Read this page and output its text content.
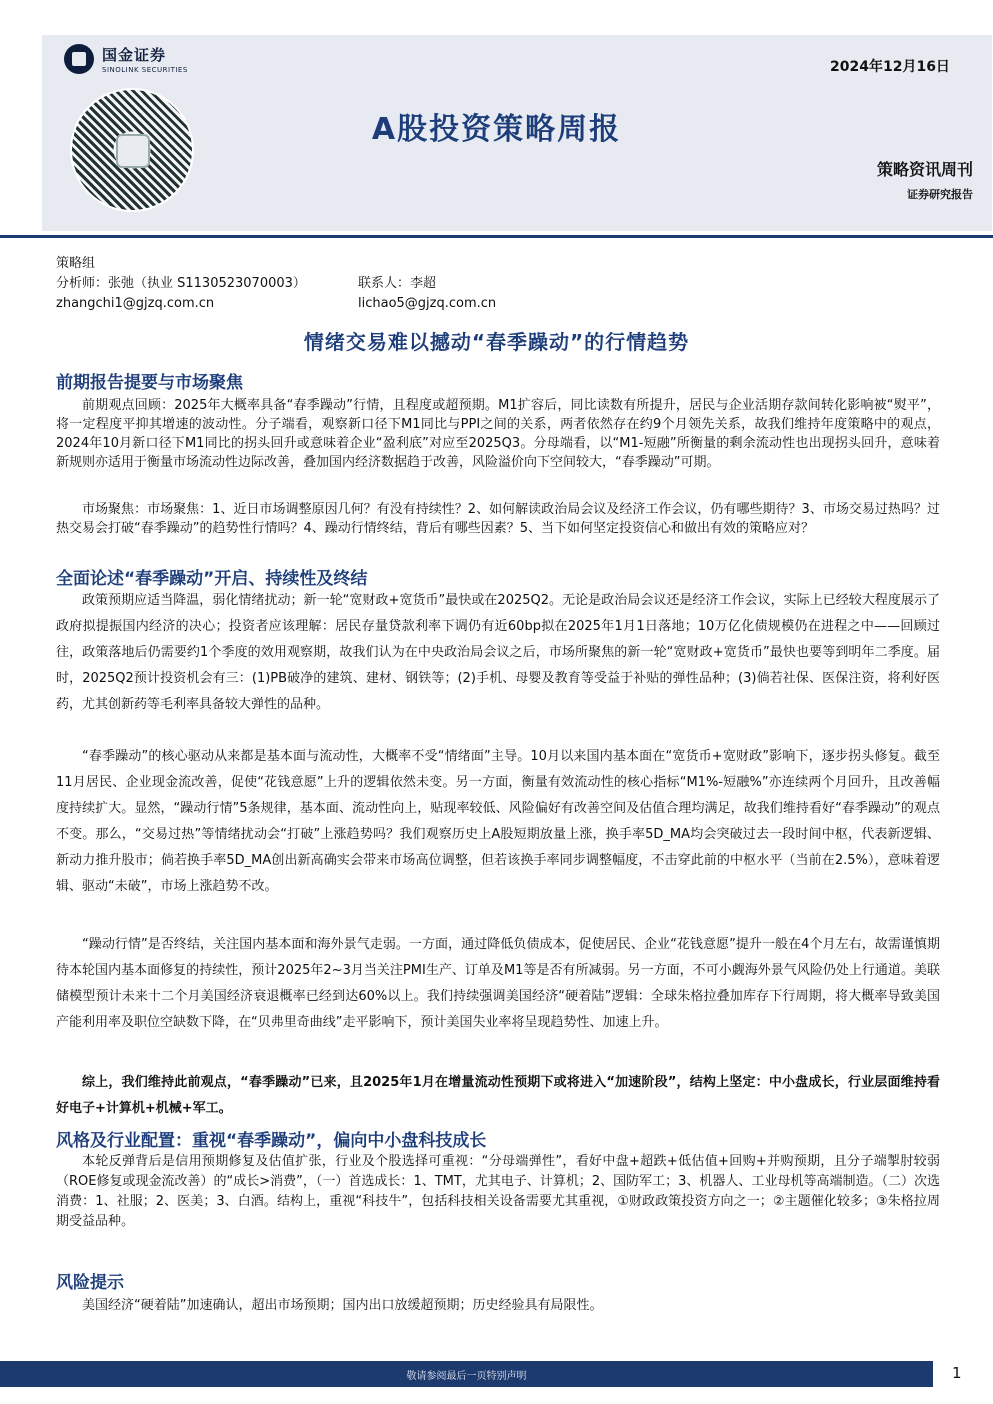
国金证券
SINOLINK SECURITIES	2024年12月16日
A股投资策略周报
策略资讯周刊
证券研究报告
策略组
分析师：张弛（执业 S1130523070003）	联系人：李超
zhangchi1@gjzq.com.cn	lichao5@gjzq.com.cn
情绪交易难以撼动“春季躁动”的行情趋势
前期报告提要与市场聚焦

前期观点回顾：2025年大概率具备“春季躁动”行情，且程度或超预期。M1扩容后，同比读数有所提升，居民与企业活期存款间转化影响被“熨平”，将一定程度平抑其增速的波动性。分子端看，观察新口径下M1同比与PPI之间的关系，两者依然存在约9个月领先关系，故我们维持年度策略中的观点，2024年10月新口径下M1同比的拐头回升或意味着企业“盈利底”对应至2025Q3。分母端看，以“M1-短融”所衡量的剩余流动性也出现拐头回升，意味着新规则亦适用于衡量市场流动性边际改善，叠加国内经济数据趋于改善，风险溢价向下空间较大，“春季躁动”可期。

市场聚焦：市场聚焦：1、近日市场调整原因几何？有没有持续性？2、如何解读政治局会议及经济工作会议，仍有哪些期待？3、市场交易过热吗？过热交易会打破“春季躁动”的趋势性行情吗？4、躁动行情终结，背后有哪些因素？5、当下如何坚定投资信心和做出有效的策略应对？

全面论述“春季躁动”开启、持续性及终结

政策预期应适当降温，弱化情绪扰动；新一轮“宽财政+宽货币”最快或在2025Q2。无论是政治局会议还是经济工作会议，实际上已经较大程度展示了政府拟提振国内经济的决心；投资者应该理解：居民存量贷款利率下调仍有近60bp拟在2025年1月1日落地；10万亿化债规模仍在进程之中——回顾过往，政策落地后仍需要约1个季度的效用观察期，故我们认为在中央政治局会议之后，市场所聚焦的新一轮“宽财政+宽货币”最快也要等到明年二季度。届时，2025Q2预计投资机会有三：(1)PB破净的建筑、建材、钢铁等；(2)手机、母婴及教育等受益于补贴的弹性品种；(3)倘若社保、医保注资，将利好医药，尤其创新药等毛利率具备较大弹性的品种。

“春季躁动”的核心驱动从来都是基本面与流动性，大概率不受“情绪面”主导。10月以来国内基本面在“宽货币+宽财政”影响下，逐步拐头修复。截至11月居民、企业现金流改善，促使“花钱意愿”上升的逻辑依然未变。另一方面，衡量有效流动性的核心指标“M1%-短融%”亦连续两个月回升，且改善幅度持续扩大。显然，“躁动行情”5条规律，基本面、流动性向上，贴现率较低、风险偏好有改善空间及估值合理均满足，故我们维持看好“春季躁动”的观点不变。那么，“交易过热”等情绪扰动会“打破”上涨趋势吗？我们观察历史上A股短期放量上涨，换手率5D_MA均会突破过去一段时间中枢，代表新逻辑、新动力推升股市；倘若换手率5D_MA创出新高确实会带来市场高位调整，但若该换手率同步调整幅度，不击穿此前的中枢水平（当前在2.5%），意味着逻辑、驱动“未破”，市场上涨趋势不改。

“躁动行情”是否终结，关注国内基本面和海外景气走弱。一方面，通过降低负债成本，促使居民、企业“花钱意愿”提升一般在4个月左右，故需谨慎期待本轮国内基本面修复的持续性，预计2025年2~3月当关注PMI生产、订单及M1等是否有所减弱。另一方面，不可小觑海外景气风险仍处上行通道。美联储模型预计未来十二个月美国经济衰退概率已经到达60%以上。我们持续强调美国经济“硬着陆”逻辑：全球朱格拉叠加库存下行周期，将大概率导致美国产能利用率及职位空缺数下降，在“贝弗里奇曲线”走平影响下，预计美国失业率将呈现趋势性、加速上升。

综上，我们维持此前观点，“春季躁动”已来，且2025年1月在增量流动性预期下或将进入“加速阶段”，结构上坚定：中小盘成长，行业层面维持看好电子+计算机+机械+军工。

风格及行业配置：重视“春季躁动”，偏向中小盘科技成长

本轮反弹背后是信用预期修复及估值扩张，行业及个股选择可重视：“分母端弹性”，看好中盘+超跌+低估值+回购+并购预期，且分子端掣肘较弱（ROE修复或现金流改善）的“成长>消费”，（一）首选成长：1、TMT，尤其电子、计算机；2、国防军工；3、机器人、工业母机等高端制造。（二）次选消费：1、社服；2、医美；3、白酒。结构上，重视“科技牛”，包括科技相关设备需要尤其重视，①财政政策投资方向之一；②主题催化较多；③朱格拉周期受益品种。

风险提示

美国经济“硬着陆”加速确认，超出市场预期；国内出口放缓超预期；历史经验具有局限性。

敬请参阅最后一页特别声明	1
